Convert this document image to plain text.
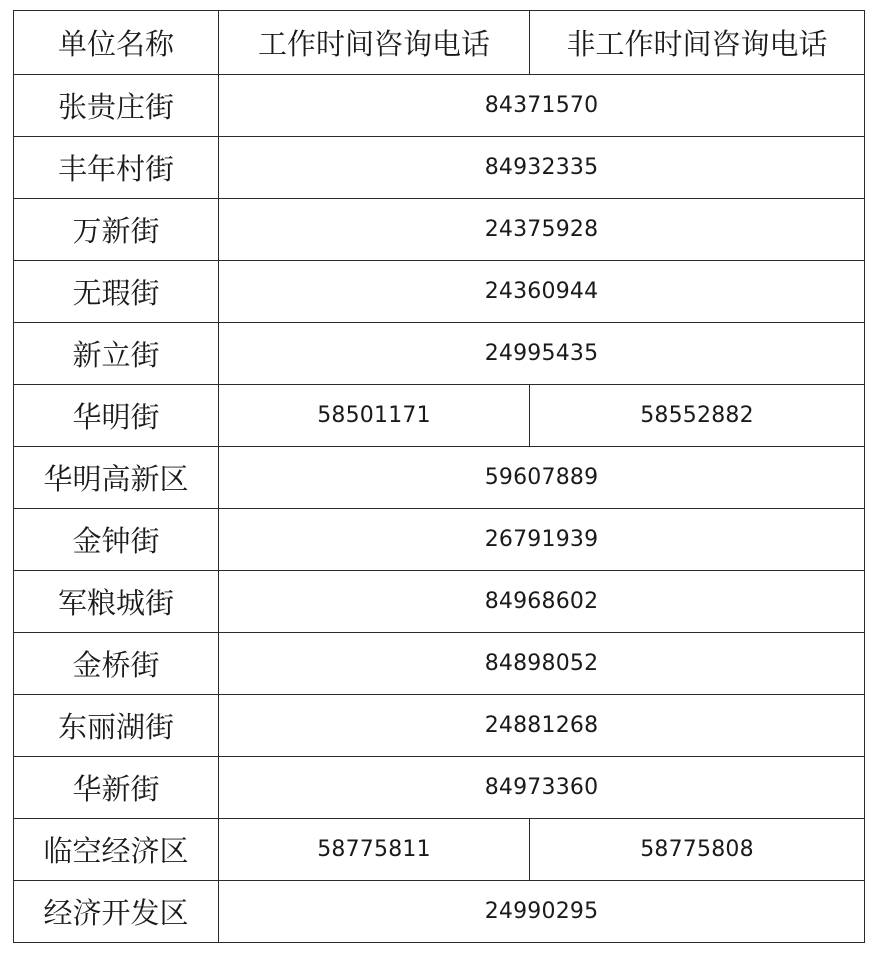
单位名称	工作时间咨询电话	非工作时间咨询电话
张贵庄街	84371570	
丰年村街	84932335	
万新街	24375928	
无瑕街	24360944	
新立街	24995435	
华明街	58501171	58552882
华明高新区	59607889	
金钟街	26791939	
军粮城街	84968602	
金桥街	84898052	
东丽湖街	24881268	
华新街	84973360	
临空经济区	58775811	58775808
经济开发区	24990295	
